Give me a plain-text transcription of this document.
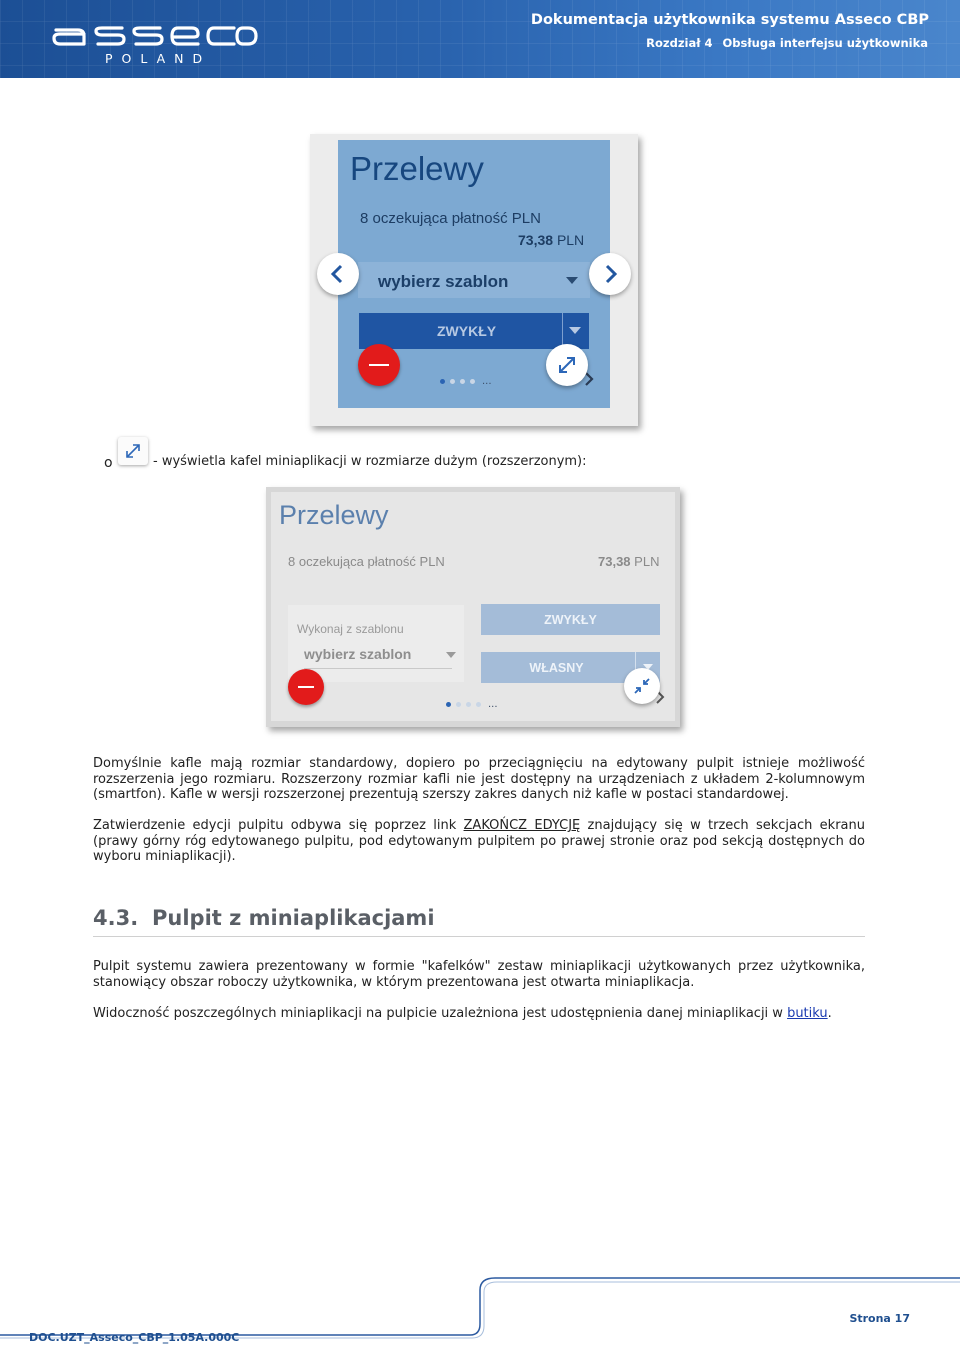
POLAND
Dokumentacja użytkownika systemu Asseco CBP
Rozdział 4 Obsługa interfejsu użytkownika
Przelewy
8 oczekująca płatność PLN
73,38 PLN
wybierz szablon
ZWYKŁY
...
o	- wyświetla kafel miniaplikacji w rozmiarze dużym (rozszerzonym):
Przelewy
8 oczekująca płatność PLN	73,38 PLN
Wykonaj z szablonu
wybierz szablon
ZWYKŁY
WŁASNY
...
Domyślnie kafle mają rozmiar standardowy, dopiero po przeciągnięciu na edytowany pulpit istnieje możliwość rozszerzenia jego rozmiaru. Rozszerzony rozmiar kafli nie jest dostępny na urządzeniach z układem 2-kolumnowym (smartfon). Kafle w wersji rozszerzonej prezentują szerszy zakres danych niż kafle w postaci standardowej.
Zatwierdzenie edycji pulpitu odbywa się poprzez link ZAKOŃCZ EDYCJĘ znajdujący się w trzech sekcjach ekranu (prawy górny róg edytowanego pulpitu, pod edytowanym pulpitem po prawej stronie oraz pod sekcją dostępnych do wyboru miniaplikacji).
4.3. Pulpit z miniaplikacjami
Pulpit systemu zawiera prezentowany w formie "kafelków" zestaw miniaplikacji użytkowanych przez użytkownika, stanowiący obszar roboczy użytkownika, w którym prezentowana jest otwarta miniaplikacja.
Widoczność poszczególnych miniaplikacji na pulpicie uzależniona jest udostępnienia danej miniaplikacji w butiku.
Strona 17
DOC.UZT_Asseco_CBP_1.05A.000C
